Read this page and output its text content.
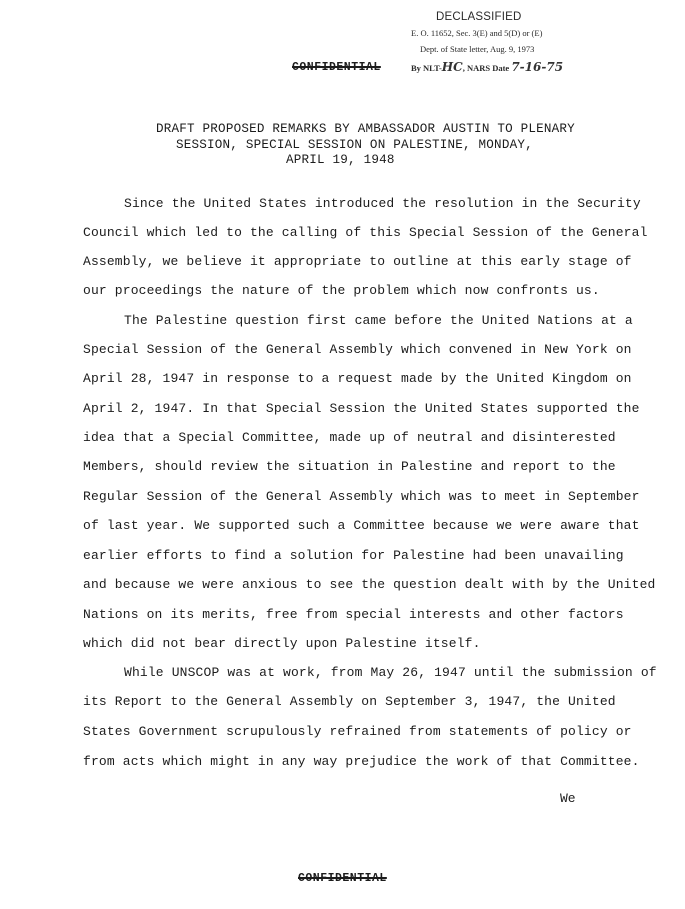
DECLASSIFIED
E. O. 11652, Sec. 3(E) and 5(D) or (E)
Dept. of State letter, Aug. 9, 1973
By NLT-HC, NARS Date 7-16-75
CONFIDENTIAL
DRAFT PROPOSED REMARKS BY AMBASSADOR AUSTIN TO PLENARY
SESSION, SPECIAL SESSION ON PALESTINE, MONDAY,
APRIL 19, 1948
Since the United States introduced the resolution in the Security
Council which led to the calling of this Special Session of the General
Assembly, we believe it appropriate to outline at this early stage of
our proceedings the nature of the problem which now confronts us.
The Palestine question first came before the United Nations at a
Special Session of the General Assembly which convened in New York on
April 28, 1947 in response to a request made by the United Kingdom on
April 2, 1947. In that Special Session the United States supported the
idea that a Special Committee, made up of neutral and disinterested
Members, should review the situation in Palestine and report to the
Regular Session of the General Assembly which was to meet in September
of last year. We supported such a Committee because we were aware that
earlier efforts to find a solution for Palestine had been unavailing
and because we were anxious to see the question dealt with by the United
Nations on its merits, free from special interests and other factors
which did not bear directly upon Palestine itself.
While UNSCOP was at work, from May 26, 1947 until the submission of
its Report to the General Assembly on September 3, 1947, the United
States Government scrupulously refrained from statements of policy or
from acts which might in any way prejudice the work of that Committee.
We
CONFIDENTIAL
